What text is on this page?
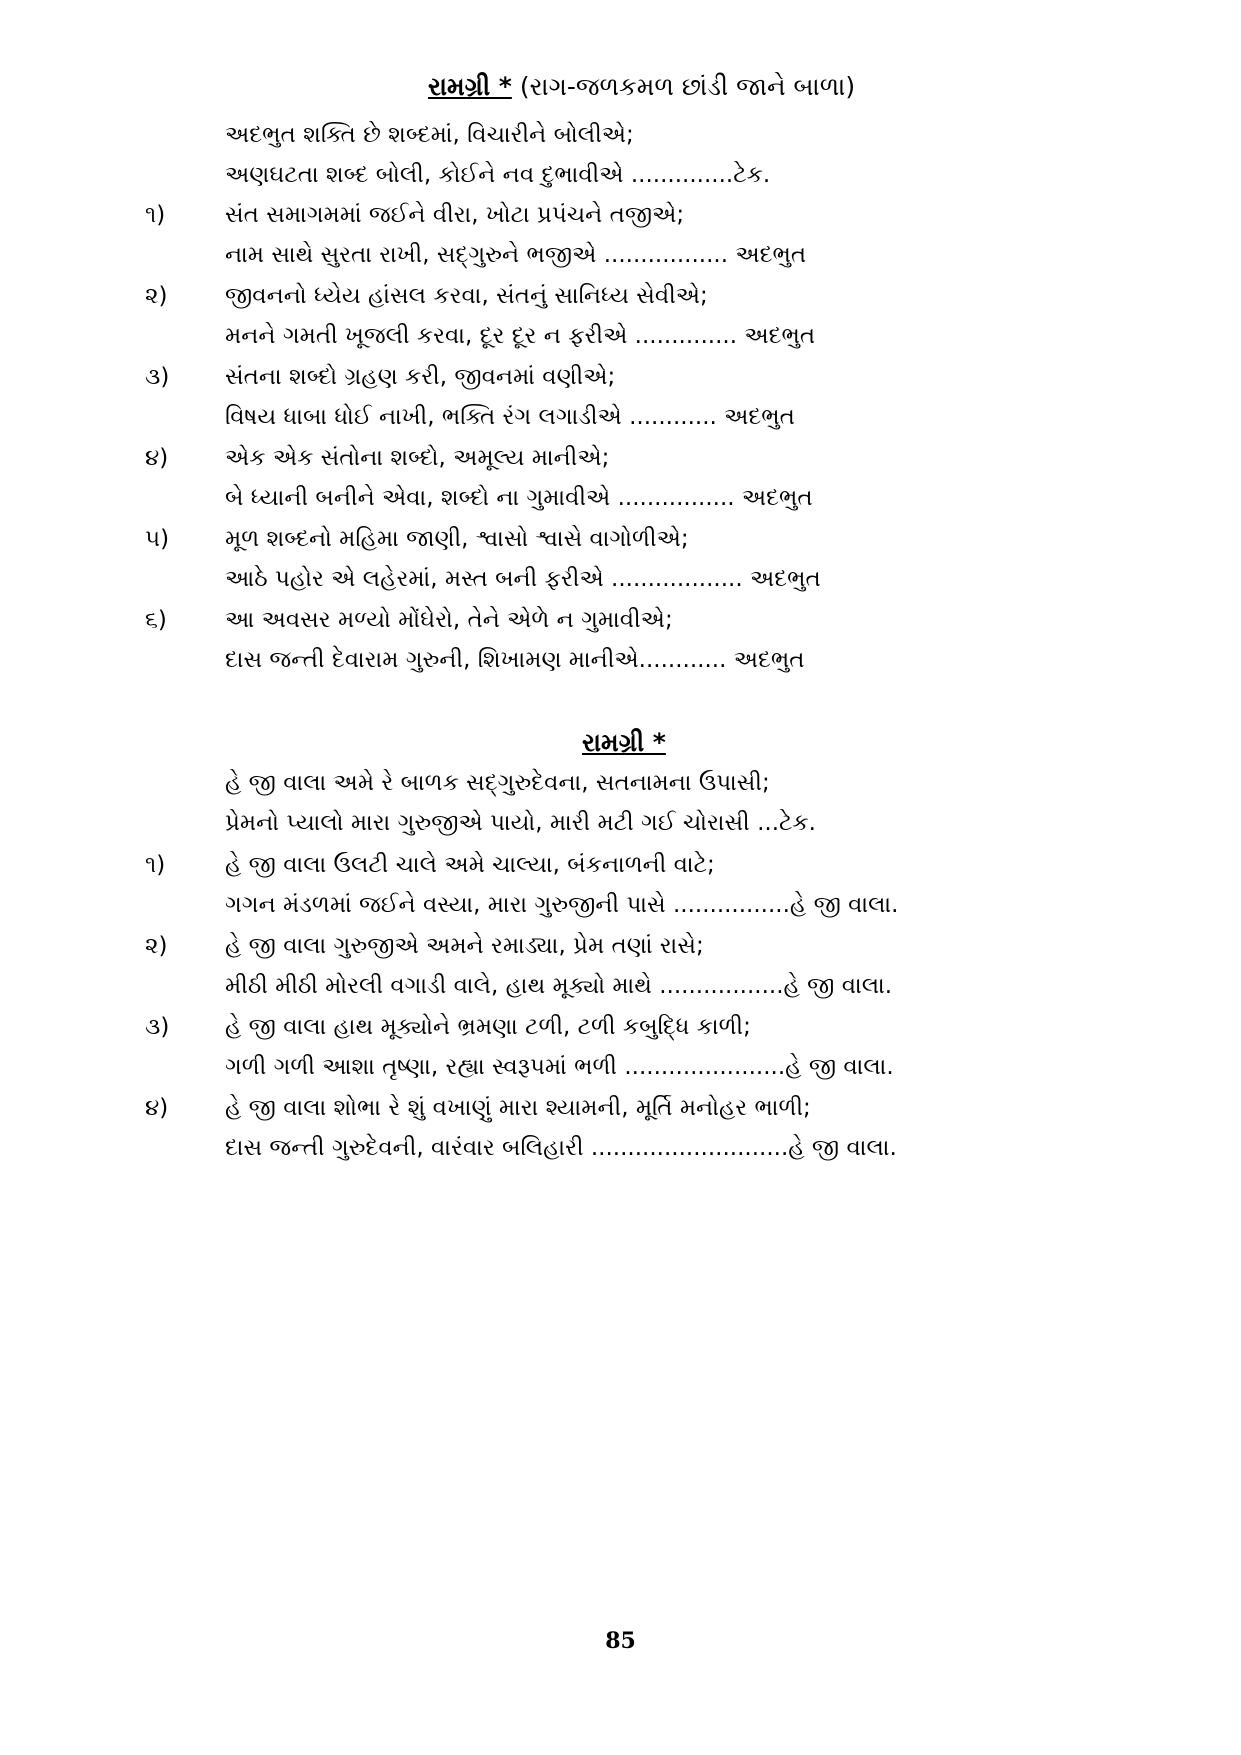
રામગ્રી * (રાગ-જળકમળ છાંડી જાને બાળા)
અદભુત શક્તિ છે શબ્દમાં, વિચારીને બોલીએ;
અણઘટતા શબ્દ બોલી, કોઈને નવ દુભાવીએ ..............ટેક.
૧)	સંત સમાગમમાં જઈને વીરા, ખોટા પ્રપંચને તજીએ;
નામ સાથે સુરતા રાખી, સદ્‌ગુરુને ભજીએ ................. અદભુત
૨)	જીવનનો ધ્યેય હાંસલ કરવા, સંતનું સાનિધ્ય સેવીએ;
મનને ગમતી ખૂજલી કરવા, દૂર દૂર ન ફરીએ .............. અદભુત
૩) સંતના શબ્દો ગ્રહણ કરી, જીવનમાં વણીએ;
વિષય ધાબા ધોઈ નાખી, ભક્તિ રંગ લગાડીએ ............ અદભુત
૪) એક એક સંતોના શબ્દો, અમૂલ્ય માનીએ;
બે ધ્યાની બનીને એવા, શબ્દો ના ગુમાવીએ ................ અદભુત
૫) મૂળ શબ્દનો મહિમા જાણી, શ્વાસો શ્વાસે વાગોળીએ;
આઠે પહોર એ લહેરમાં, મસ્ત બની ફરીએ .................. અદભુત
૬)	આ અવસર મળ્યો મોંઘેરો, તેને એળે ન ગુમાવીએ;
દાસ જન્તી દેવારામ ગુરુની, શિખામણ માનીએ............ અદભુત
રામગ્રી *
હે જી વાલા અમે રે બાળક સદ્‌ગુરુદેવના, સતનામના ઉપાસી;
પ્રેમનો પ્યાલો મારા ગુરુજીએ પાયો, મારી મટી ગઈ ચોરાસી ...ટેક.
૧)	હે જી વાલા ઉલટી ચાલે અમે ચાલ્યા, બંકનાળની વાટે;
ગગન મંડળમાં જઈને વસ્યા, મારા ગુરુજીની પાસે ................હે જી વાલા.
૨)	હે જી વાલા ગુરુજીએ અમને રમાડ્યા, પ્રેમ તણાં રાસે;
મીઠી મીઠી મોરલી વગાડી વાલે, હાથ મૂક્યો માથે .................હે જી વાલા.
૩) હે જી વાલા હાથ મૂક્યોને ભ્રમણા ટળી, ટળી કબુદ્ધિ કાળી;
ગળી ગળી આશા તૃષ્ણા, રહ્યા સ્વરૂપમાં ભળી ......................હે જી વાલા.
૪) હે જી વાલા શોભા રે શું વખાણું મારા શ્યામની, મૂર્તિ મનોહર ભાળી;
દાસ જન્તી ગુરુદેવની, વારંવાર બલિહારી ...........................હે જી વાલા.
85
